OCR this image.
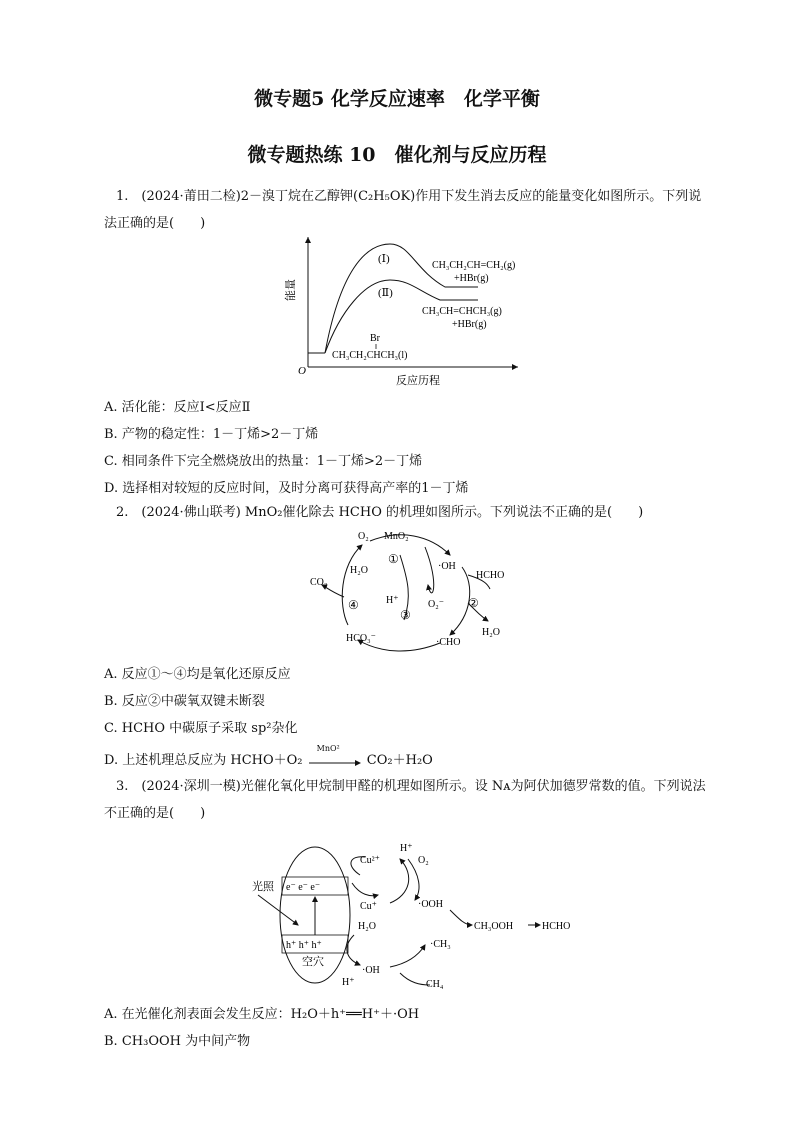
微专题5 化学反应速率　化学平衡
微专题热练 10　催化剂与反应历程
1.　(2024·莆田二检)2－溴丁烷在乙醇钾(C₂H₅OK)作用下发生消去反应的能量变化如图所示。下列说
法正确的是(　　)
能量
反应历程
O
(Ⅰ)
(Ⅱ)
Br
CH₃CH₂CHCH₃(l)
CH₃CH₂CH=CH₂(g)
+HBr(g)
CH₃CH=CHCH₃(g)
+HBr(g)
A. 活化能：反应Ⅰ<反应Ⅱ
B. 产物的稳定性：1－丁烯>2－丁烯
C. 相同条件下完全燃烧放出的热量：1－丁烯>2－丁烯
D. 选择相对较短的反应时间，及时分离可获得高产率的1－丁烯
2.　(2024·佛山联考) MnO₂催化除去 HCHO 的机理如图所示。下列说法不正确的是(　　)
O₂ MnO₂
①
H₂O	·OH
HCHO
②
H₂O
CO₂
④	H⁺	O₂⁻
③
HCO₃⁻	·CHO
A. 反应①～④均是氧化还原反应
B. 反应②中碳氧双键未断裂
C. HCHO 中碳原子采取 sp²杂化
D. 上述机理总反应为 HCHO＋O₂
MnO²
CO₂＋H₂O
3.　(2024·深圳一模)光催化氧化甲烷制甲醛的机理如图所示。设 Nᴀ为阿伏加德罗常数的值。下列说法
不正确的是(　　)
光照 e⁻ e⁻ e⁻
h⁺ h⁺ h⁺
空穴
Cu²⁺
Cu⁺
H⁺
O₂
·OOH
CH₃OOH	HCHO
H₂O
·OH
H⁺
·CH₃
CH₄
A. 在光催化剂表面会发生反应：H₂O＋h⁺══H⁺＋·OH
B. CH₃OOH 为中间产物
